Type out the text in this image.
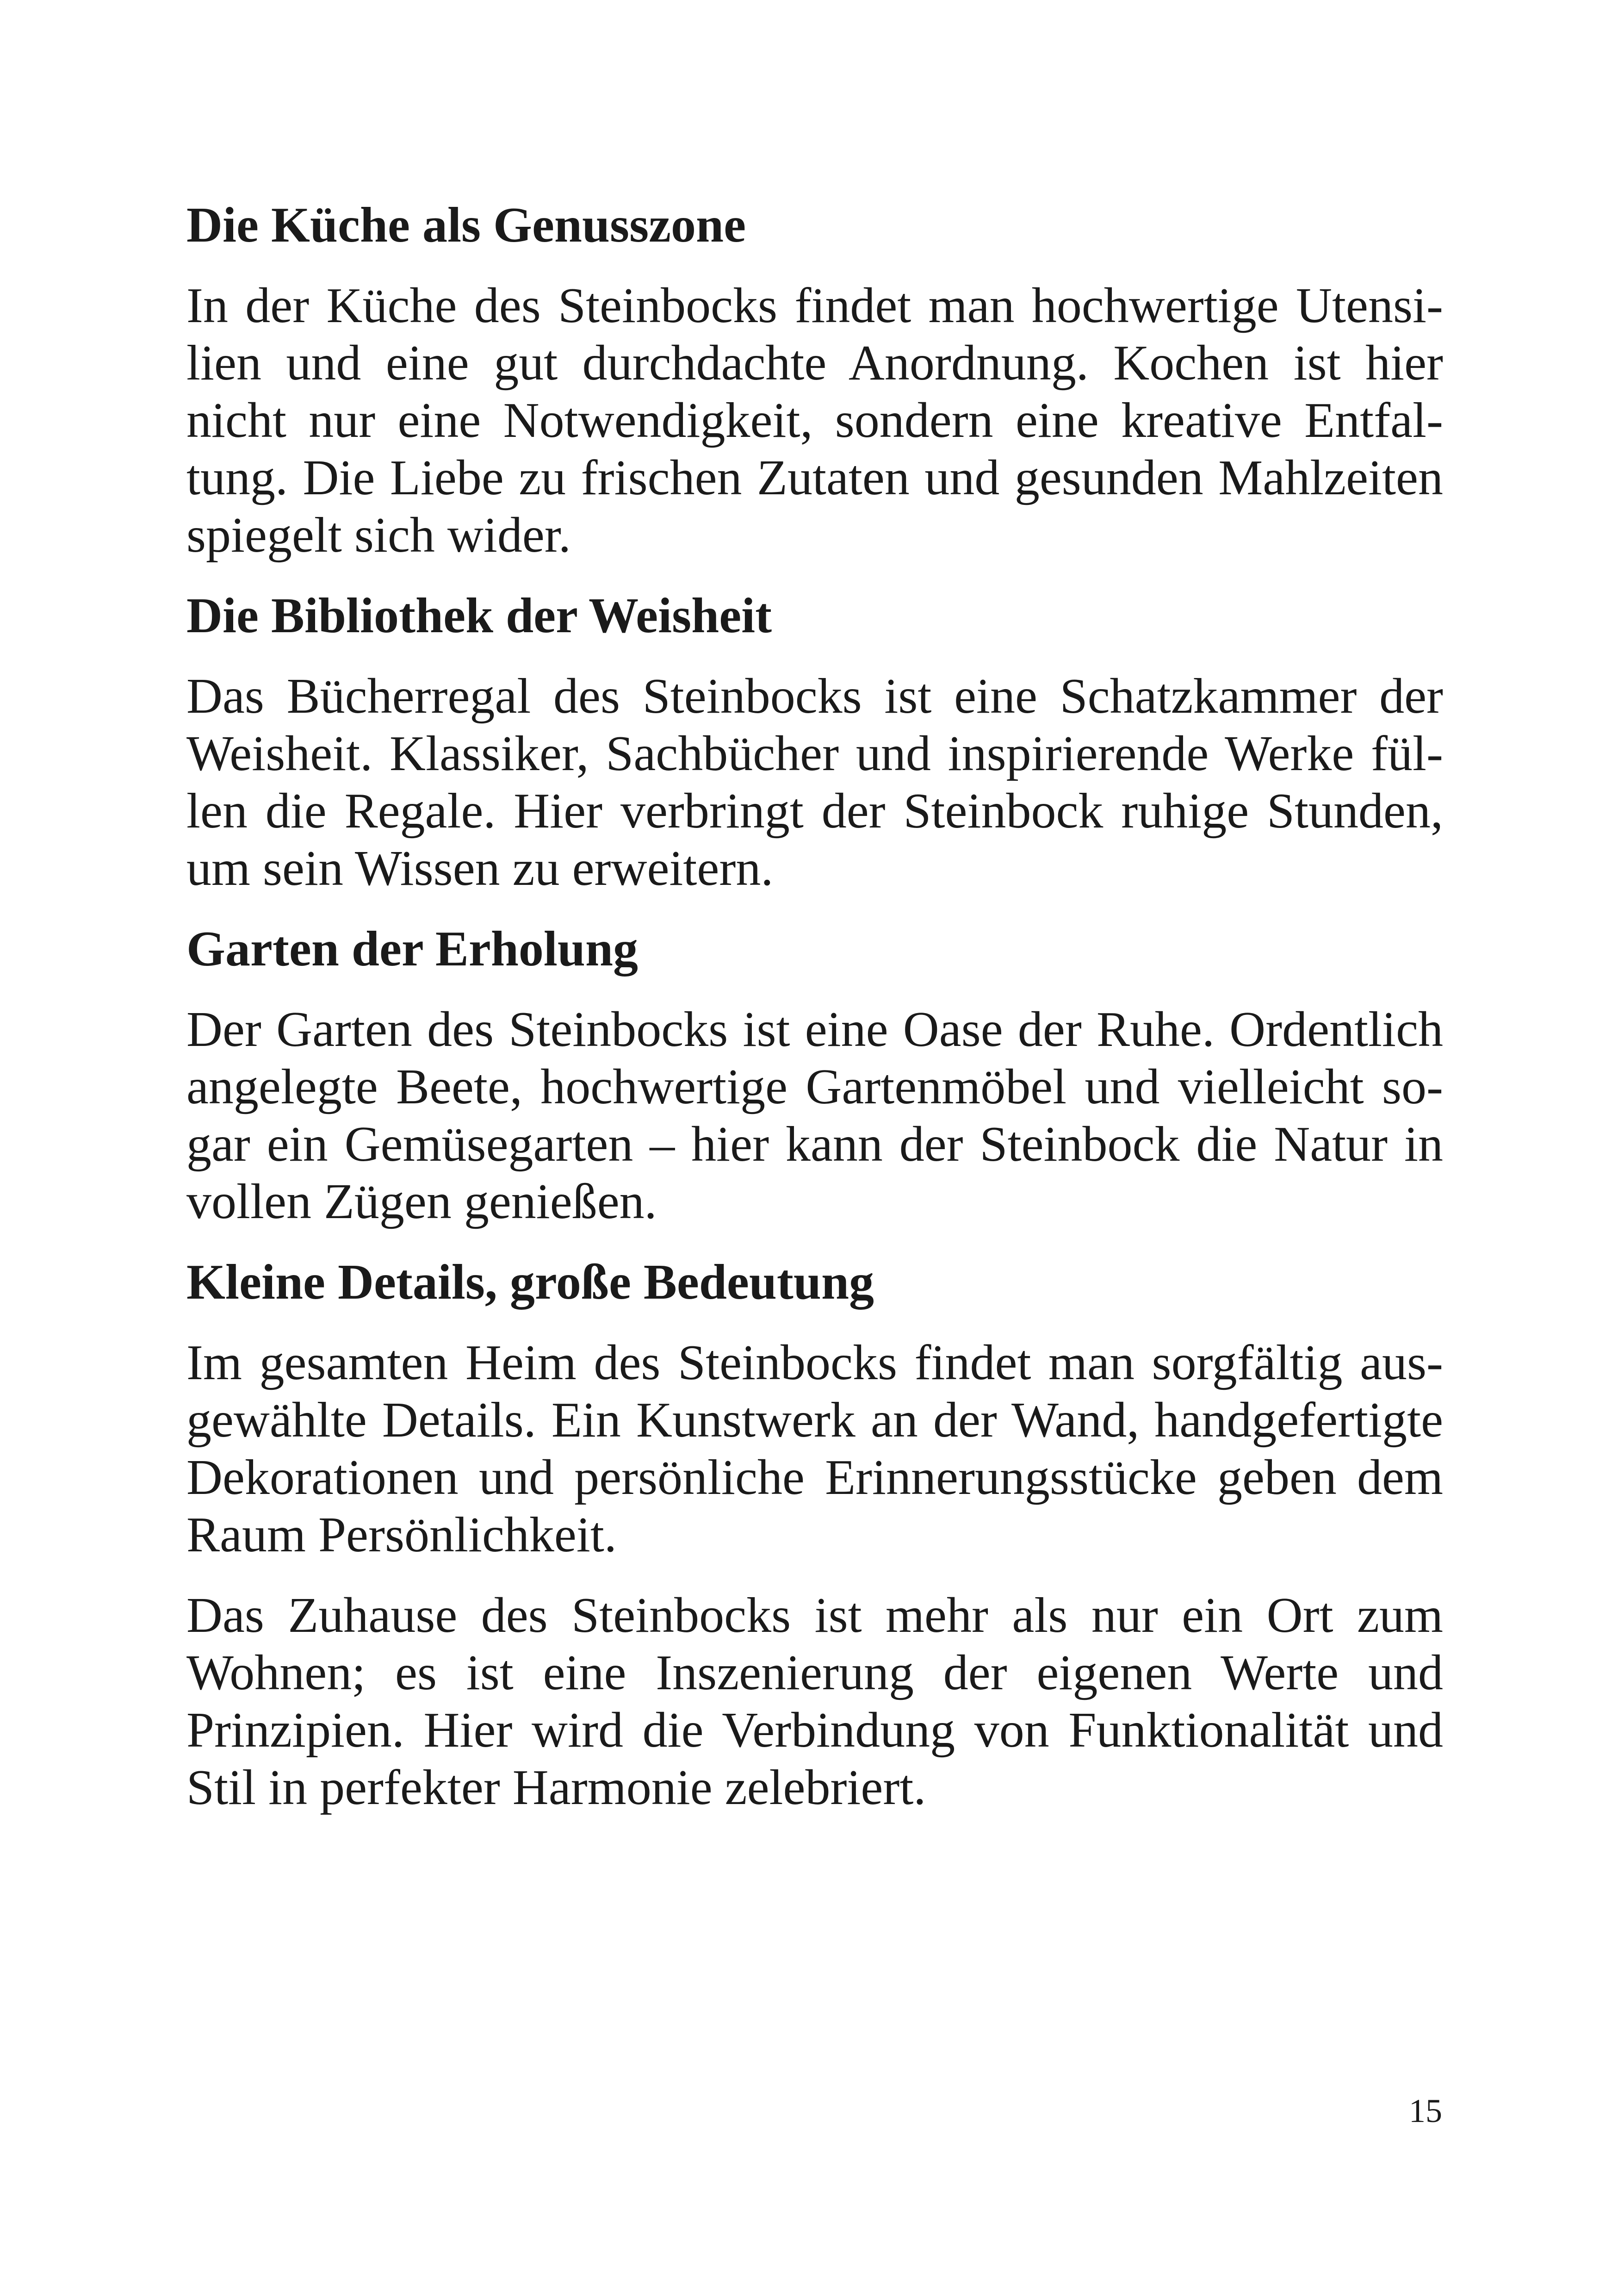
Die Küche als Genusszone

In der Küche des Steinbocks findet man hochwertige Utensilien und eine gut durchdachte Anordnung. Kochen ist hier nicht nur eine Notwendigkeit, sondern eine kreative Entfaltung. Die Liebe zu frischen Zutaten und gesunden Mahlzeiten spiegelt sich wider.

Die Bibliothek der Weisheit

Das Bücherregal des Steinbocks ist eine Schatzkammer der Weisheit. Klassiker, Sachbücher und inspirierende Werke füllen die Regale. Hier verbringt der Steinbock ruhige Stunden, um sein Wissen zu erweitern.

Garten der Erholung

Der Garten des Steinbocks ist eine Oase der Ruhe. Ordentlich angelegte Beete, hochwertige Gartenmöbel und vielleicht sogar ein Gemüsegarten – hier kann der Steinbock die Natur in vollen Zügen genießen.

Kleine Details, große Bedeutung

Im gesamten Heim des Steinbocks findet man sorgfältig ausgewählte Details. Ein Kunstwerk an der Wand, handgefertigte Dekorationen und persönliche Erinnerungsstücke geben dem Raum Persönlichkeit.

Das Zuhause des Steinbocks ist mehr als nur ein Ort zum Wohnen; es ist eine Inszenierung der eigenen Werte und Prinzipien. Hier wird die Verbindung von Funktionalität und Stil in perfekter Harmonie zelebriert.

15
